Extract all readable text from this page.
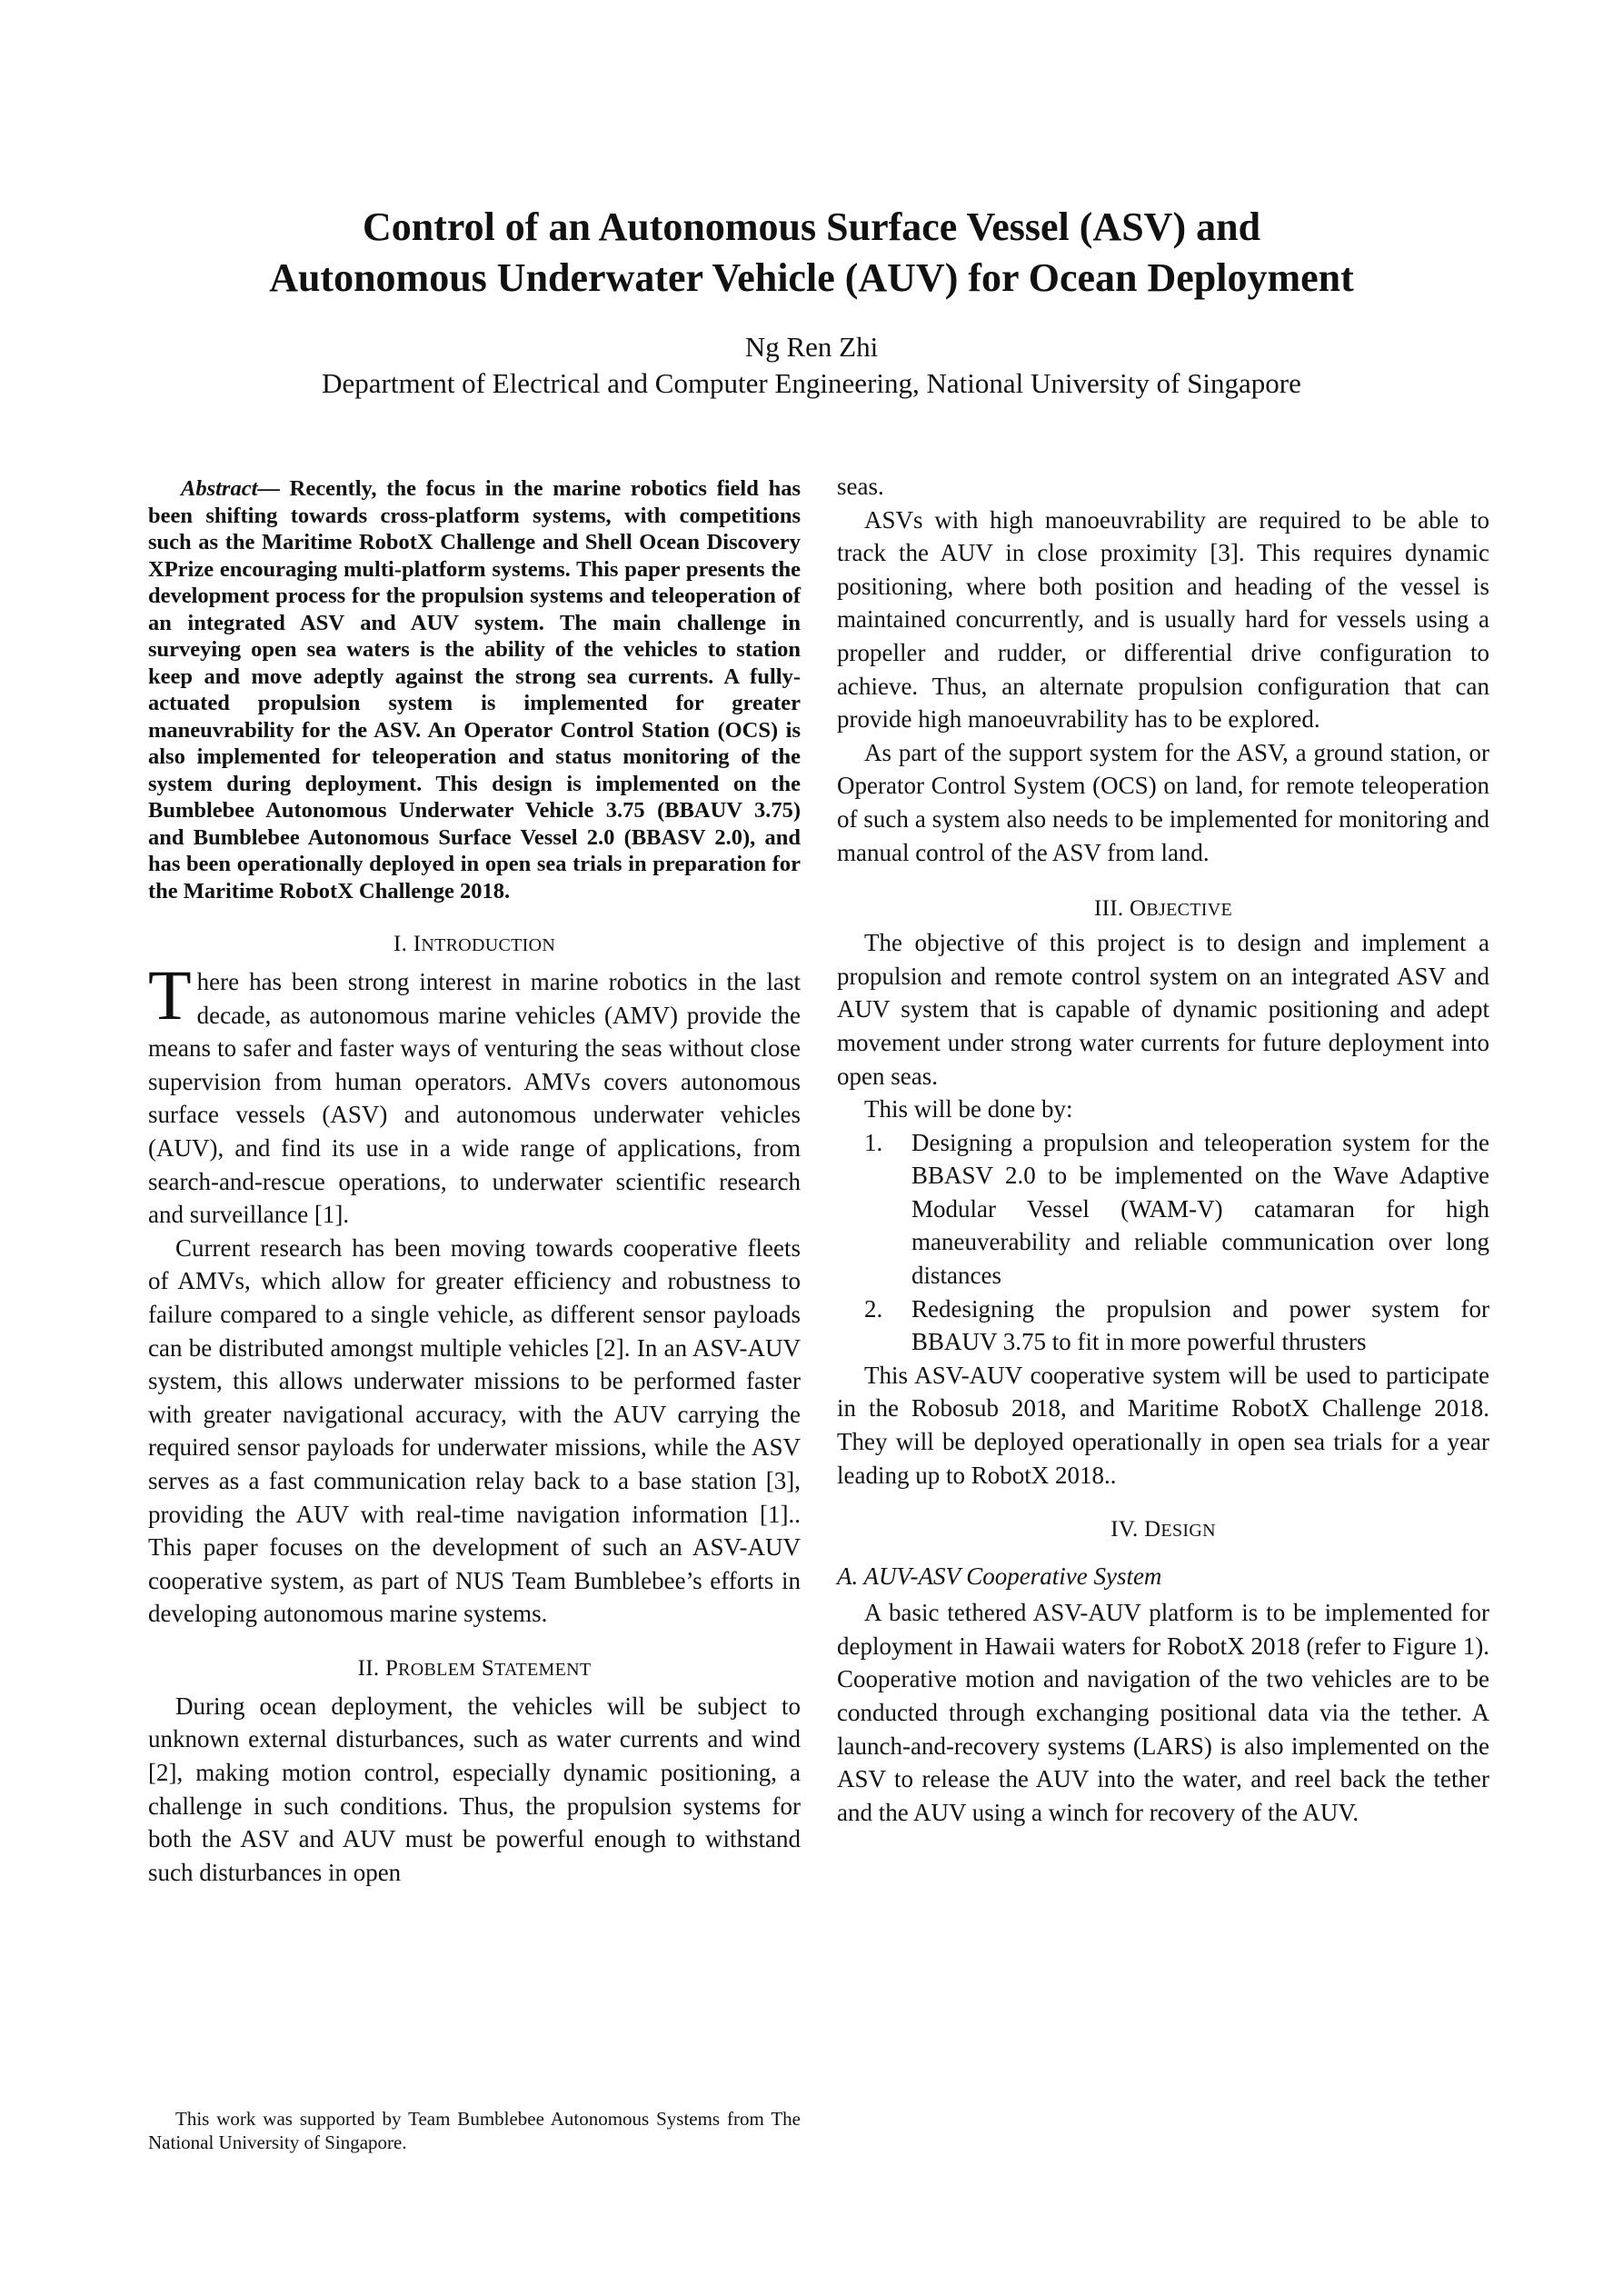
Control of an Autonomous Surface Vessel (ASV) and
Autonomous Underwater Vehicle (AUV) for Ocean Deployment
Ng Ren Zhi
Department of Electrical and Computer Engineering, National University of Singapore

Abstract— Recently, the focus in the marine robotics field has been shifting towards cross-platform systems, with competitions such as the Maritime RobotX Challenge and Shell Ocean Discovery XPrize encouraging multi-platform systems. This paper presents the development process for the propulsion systems and teleoperation of an integrated ASV and AUV system. The main challenge in surveying open sea waters is the ability of the vehicles to station keep and move adeptly against the strong sea currents. A fully-actuated propulsion system is implemented for greater maneuvrability for the ASV. An Operator Control Station (OCS) is also implemented for teleoperation and status monitoring of the system during deployment. This design is implemented on the Bumblebee Autonomous Underwater Vehicle 3.75 (BBAUV 3.75) and Bumblebee Autonomous Surface Vessel 2.0 (BBASV 2.0), and has been operationally deployed in open sea trials in preparation for the Maritime RobotX Challenge 2018.

I. INTRODUCTION

There has been strong interest in marine robotics in the last decade, as autonomous marine vehicles (AMV) provide the means to safer and faster ways of venturing the seas without close supervision from human operators. AMVs covers autonomous surface vessels (ASV) and autonomous underwater vehicles (AUV), and find its use in a wide range of applications, from search-and-rescue operations, to underwater scientific research and surveillance [1].

Current research has been moving towards cooperative fleets of AMVs, which allow for greater efficiency and robustness to failure compared to a single vehicle, as different sensor payloads can be distributed amongst multiple vehicles [2]. In an ASV-AUV system, this allows underwater missions to be performed faster with greater navigational accuracy, with the AUV carrying the required sensor payloads for underwater missions, while the ASV serves as a fast communication relay back to a base station [3], providing the AUV with real-time navigation information [1].. This paper focuses on the development of such an ASV-AUV cooperative system, as part of NUS Team Bumblebee’s efforts in developing autonomous marine systems.

II. PROBLEM STATEMENT

During ocean deployment, the vehicles will be subject to unknown external disturbances, such as water currents and wind [2], making motion control, especially dynamic positioning, a challenge in such conditions. Thus, the propulsion systems for both the ASV and AUV must be powerful enough to withstand such disturbances in open

seas.

ASVs with high manoeuvrability are required to be able to track the AUV in close proximity [3]. This requires dynamic positioning, where both position and heading of the vessel is maintained concurrently, and is usually hard for vessels using a propeller and rudder, or differential drive configuration to achieve. Thus, an alternate propulsion configuration that can provide high manoeuvrability has to be explored.

As part of the support system for the ASV, a ground station, or Operator Control System (OCS) on land, for remote teleoperation of such a system also needs to be implemented for monitoring and manual control of the ASV from land.

III. OBJECTIVE

The objective of this project is to design and implement a propulsion and remote control system on an integrated ASV and AUV system that is capable of dynamic positioning and adept movement under strong water currents for future deployment into open seas.

This will be done by:

1.	Designing a propulsion and teleoperation system for the BBASV 2.0 to be implemented on the Wave Adaptive Modular Vessel (WAM-V) catamaran for high maneuverability and reliable communication over long distances
2.	Redesigning the propulsion and power system for BBAUV 3.75 to fit in more powerful thrusters

This ASV-AUV cooperative system will be used to participate in the Robosub 2018, and Maritime RobotX Challenge 2018. They will be deployed operationally in open sea trials for a year leading up to RobotX 2018..

IV. DESIGN

A. AUV-ASV Cooperative System

A basic tethered ASV-AUV platform is to be implemented for deployment in Hawaii waters for RobotX 2018 (refer to Figure 1). Cooperative motion and navigation of the two vehicles are to be conducted through exchanging positional data via the tether. A launch-and-recovery systems (LARS) is also implemented on the ASV to release the AUV into the water, and reel back the tether and the AUV using a winch for recovery of the AUV.

This work was supported by Team Bumblebee Autonomous Systems from The National University of Singapore.
